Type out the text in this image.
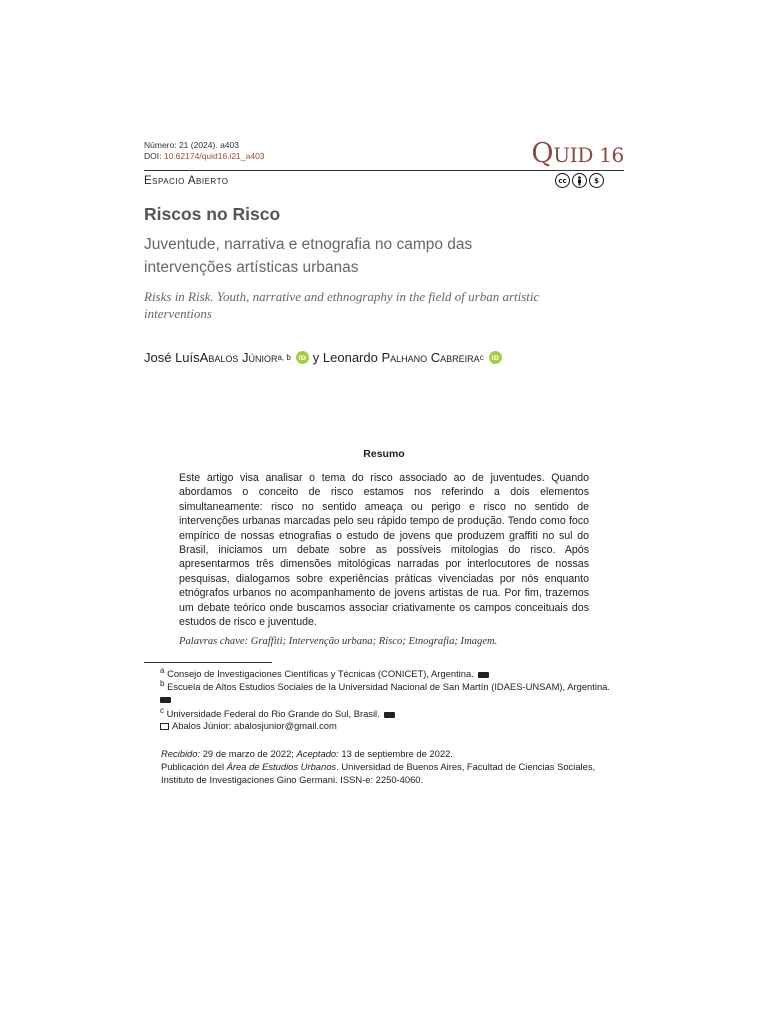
Número: 21 (2024). a403
DOI: 10.62174/quid16.i21_a403	QUID 16
Espacio Abierto	cc	$
Riscos no Risco
Juventude, narrativa e etnografia no campo das intervenções artísticas urbanas
Risks in Risk. Youth, narrative and ethnography in the field of urban artistic interventions
José Luís Abalos Júnior a, b	iD y Leonardo
Palhano Cabreira c	iD
Resumo
Este artigo visa analisar o tema do risco associado ao de juventudes. Quando abordamos o conceito de risco estamos nos referindo a dois elementos simultaneamente: risco no sentido ameaça ou perigo e risco no sentido de intervenções urbanas marcadas pelo seu rápido tempo de produção. Tendo como foco empírico de nossas etnografias o estudo de jovens que produzem graffiti no sul do Brasil, iniciamos um debate sobre as possíveis mitologias do risco. Após apresentarmos três dimensões mitológicas narradas por interlocutores de nossas pesquisas, dialogamos sobre experiências práticas vivenciadas por nós enquanto etnógrafos urbanos no acompanhamento de jovens artistas de rua. Por fim, trazemos um debate teórico onde buscamos associar criativamente os campos conceituais dos estudos de risco e juventude.
Palavras chave: Graffiti; Intervenção urbana; Risco; Etnografia; Imagem.
$^a$ Consejo de Investigaciones Científicas y Técnicas (CONICET), Argentina.
$^b$ Escuela de Altos Estudios Sociales de la Universidad Nacional de San Martín (IDAES-UNSAM), Argentina.

$^c$ Universidade Federal do Rio Grande do Sul, Brasil.
Abalos Júnior: abalosjunior@gmail.com
Recibido: 29 de marzo de 2022; Aceptado: 13 de septiembre de 2022.
Publicación del Área de Estudios Urbanos. Universidad de Buenos Aires, Facultad de Ciencias Sociales, Instituto de Investigaciones Gino Germani. ISSN-e: 2250-4060.
